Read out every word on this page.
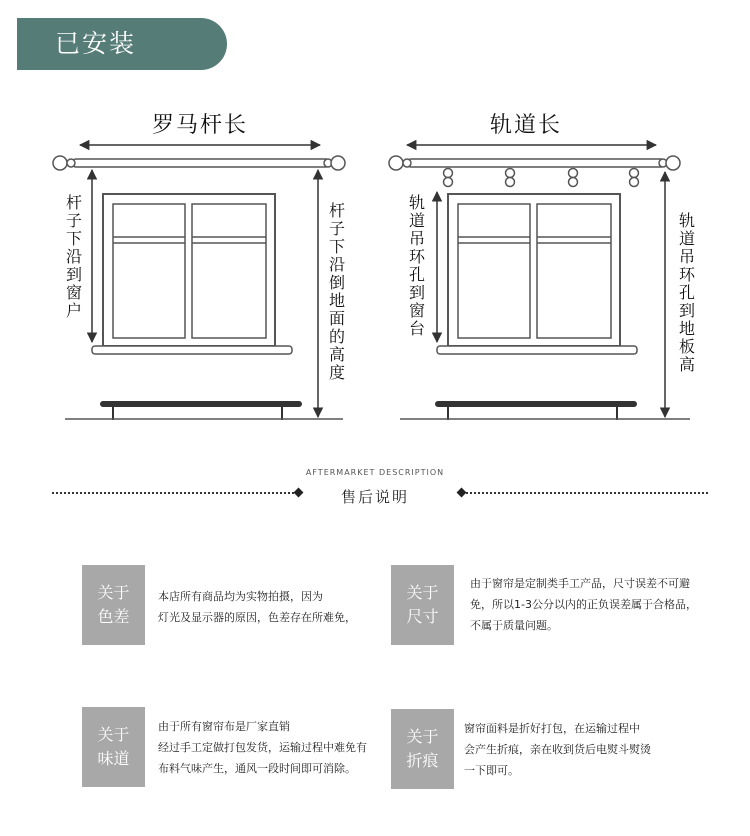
已安装
罗马杆长
杆子下沿到窗户	杆子下沿倒地面的高度
轨道长
轨道吊环孔到窗台	轨道吊环孔到地板高
AFTERMARKET DESCRIPTION
售后说明
关于
色差
本店所有商品均为实物拍摄，因为
灯光及显示器的原因，色差存在所难免，
关于
尺寸
由于窗帘是定制类手工产品，尺寸误差不可避
免，所以1-3公分以内的正负误差属于合格品，
不属于质量问题。
关于
味道
由于所有窗帘布是厂家直销
经过手工定做打包发货，运输过程中难免有
布料气味产生，通风一段时间即可消除。
关于
折痕
窗帘面料是折好打包，在运输过程中
会产生折痕，亲在收到货后电熨斗熨烫
一下即可。
